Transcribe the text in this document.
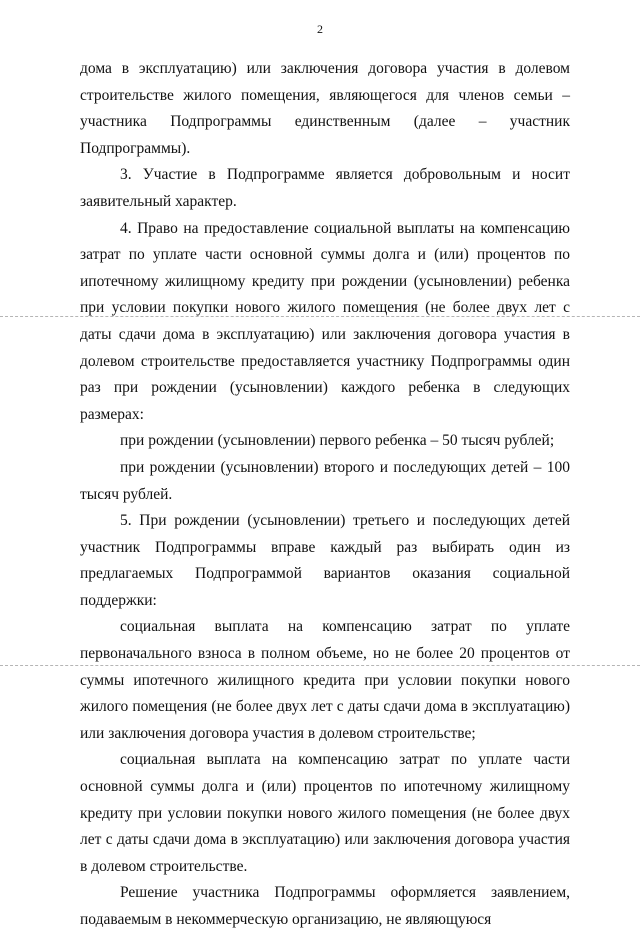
2

дома в эксплуатацию) или заключения договора участия в долевом строительстве жилого помещения, являющегося для членов семьи – участника Подпрограммы единственным (далее – участник Подпрограммы).

3. Участие в Подпрограмме является добровольным и носит заявительный характер.

4. Право на предоставление социальной выплаты на компенсацию затрат по уплате части основной суммы долга и (или) процентов по ипотечному жилищному кредиту при рождении (усыновлении) ребенка при условии покупки нового жилого помещения (не более двух лет с даты сдачи дома в эксплуатацию) или заключения договора участия в долевом строительстве предоставляется участнику Подпрограммы один раз при рождении (усыновлении) каждого ребенка в следующих размерах:

при рождении (усыновлении) первого ребенка – 50 тысяч рублей;

при рождении (усыновлении) второго и последующих детей – 100 тысяч рублей.

5. При рождении (усыновлении) третьего и последующих детей участник Подпрограммы вправе каждый раз выбирать один из предлагаемых Подпрограммой вариантов оказания социальной поддержки:

социальная выплата на компенсацию затрат по уплате первоначального взноса в полном объеме, но не более 20 процентов от суммы ипотечного жилищного кредита при условии покупки нового жилого помещения (не более двух лет с даты сдачи дома в эксплуатацию) или заключения договора участия в долевом строительстве;

социальная выплата на компенсацию затрат по уплате части основной суммы долга и (или) процентов по ипотечному жилищному кредиту при условии покупки нового жилого помещения (не более двух лет с даты сдачи дома в эксплуатацию) или заключения договора участия в долевом строительстве.

Решение участника Подпрограммы оформляется заявлением, подаваемым в некоммерческую организацию, не являющуюся
